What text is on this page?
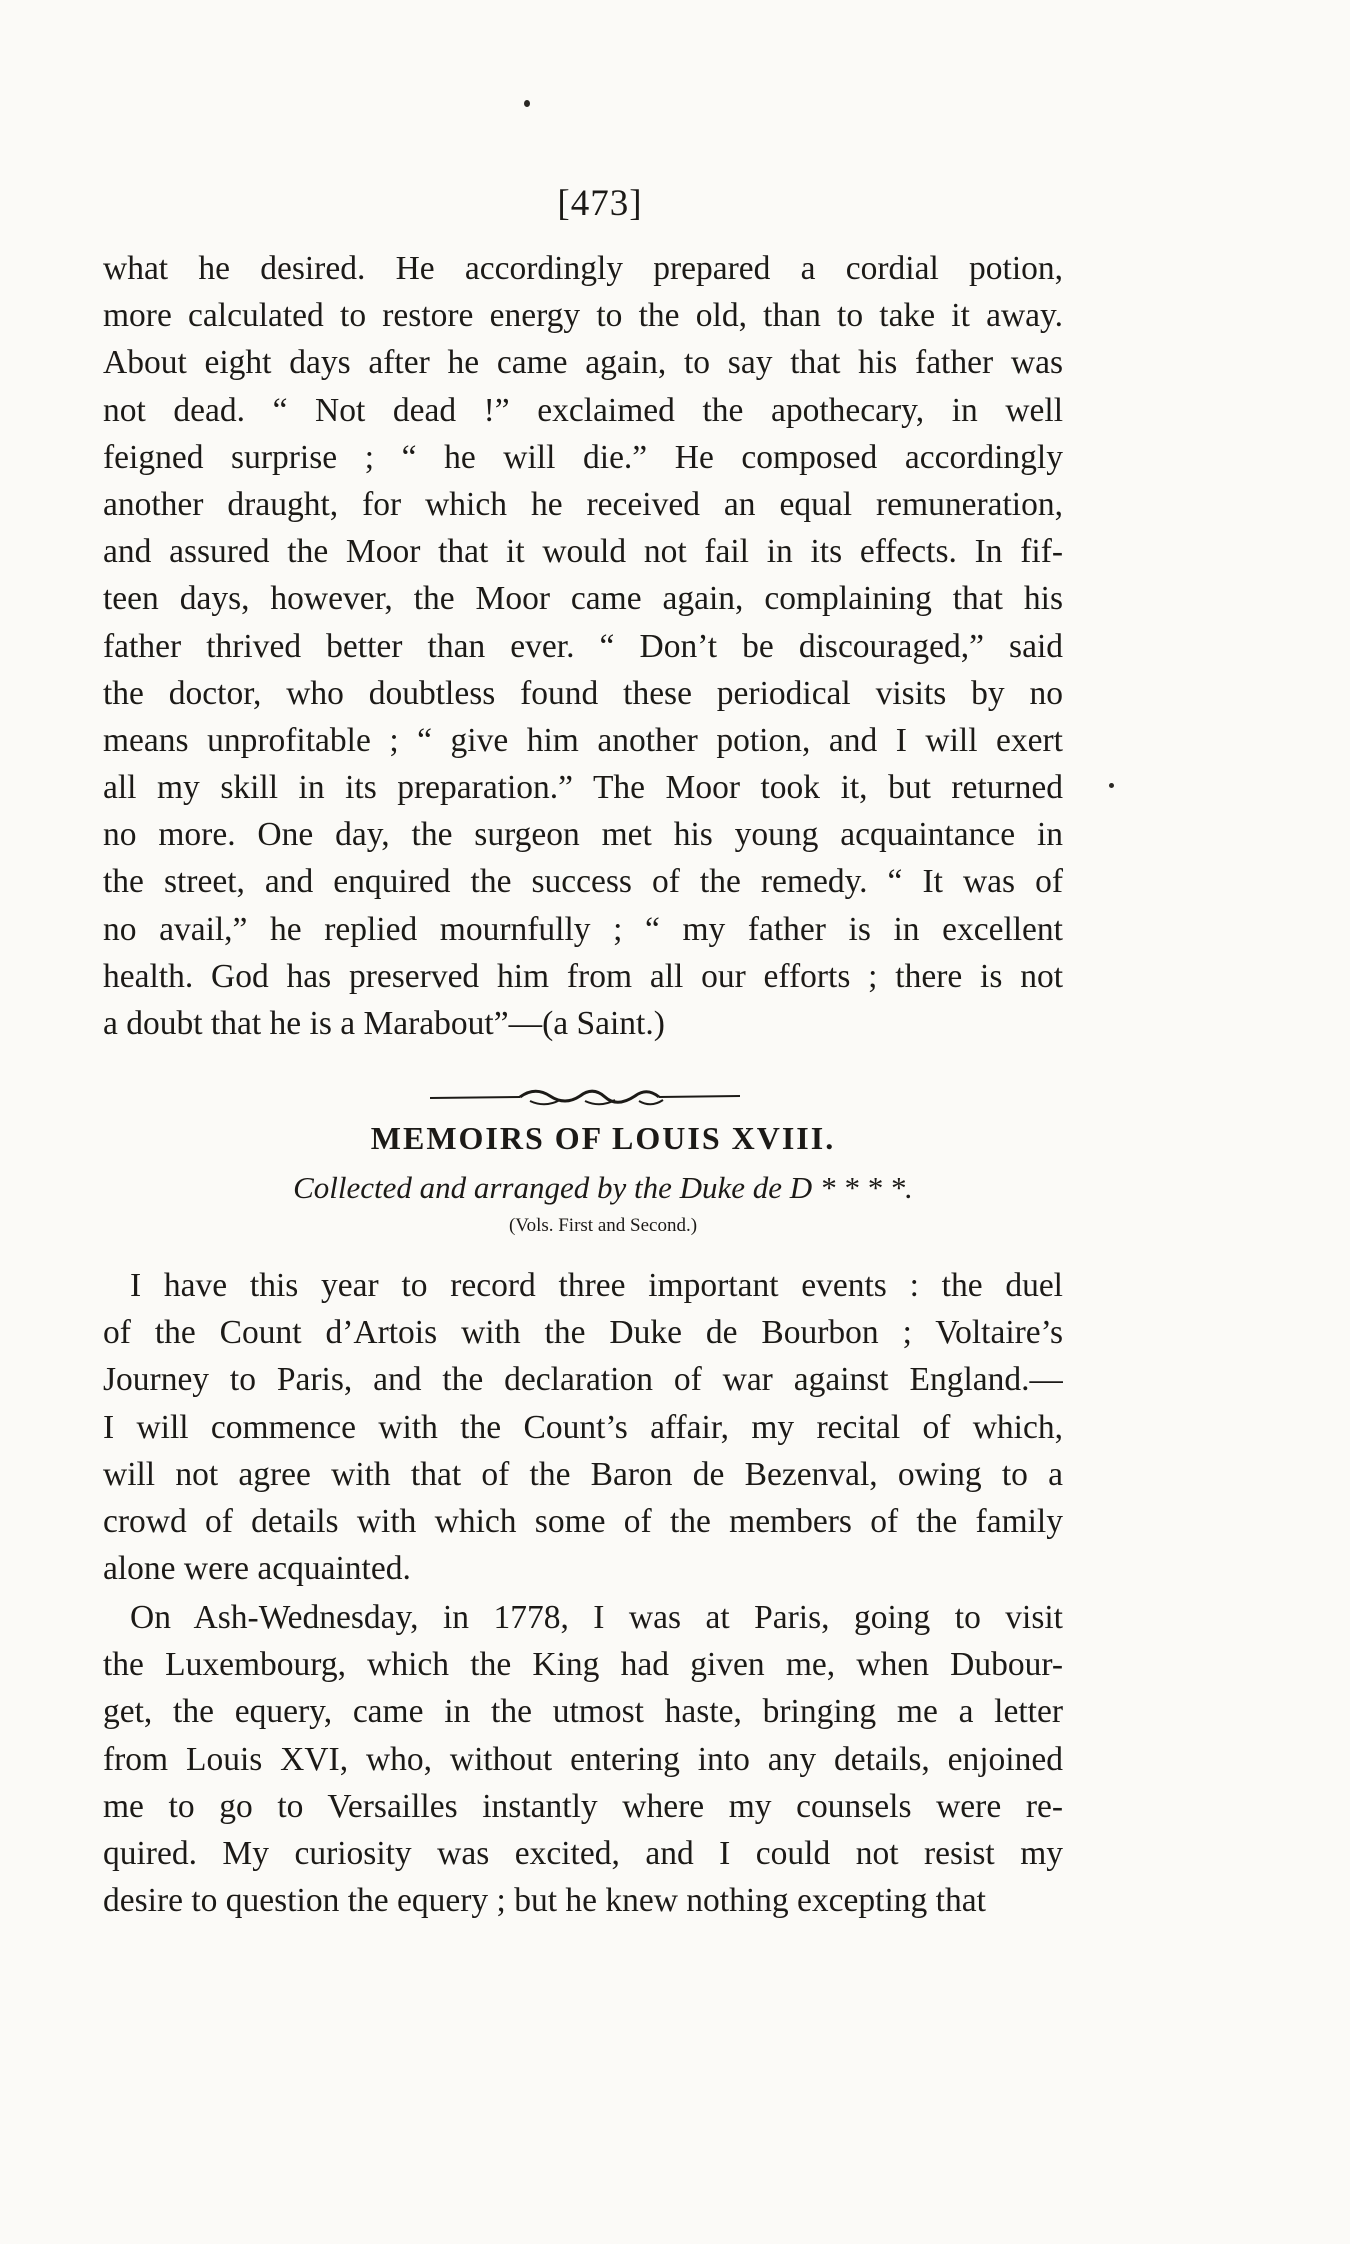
[473]
what he desired. He accordingly prepared a cordial potion,
more calculated to restore energy to the old, than to take it away.
About eight days after he came again, to say that his father was
not dead. “ Not dead !” exclaimed the apothecary, in well
feigned surprise ; “ he will die.” He composed accordingly
another draught, for which he received an equal remuneration,
and assured the Moor that it would not fail in its effects. In fif-
teen days, however, the Moor came again, complaining that his
father thrived better than ever. “ Don’t be discouraged,” said
the doctor, who doubtless found these periodical visits by no
means unprofitable ; “ give him another potion, and I will exert
all my skill in its preparation.” The Moor took it, but returned
no more. One day, the surgeon met his young acquaintance in
the street, and enquired the success of the remedy. “ It was of
no avail,” he replied mournfully ; “ my father is in excellent
health. God has preserved him from all our efforts ; there is not
a doubt that he is a Marabout”—(a Saint.)
MEMOIRS OF LOUIS XVIII.
Collected and arranged by the Duke de D * * * *.
(Vols. First and Second.)
I have this year to record three important events : the duel
of the Count d’Artois with the Duke de Bourbon ; Voltaire’s
Journey to Paris, and the declaration of war against England.—
I will commence with the Count’s affair, my recital of which,
will not agree with that of the Baron de Bezenval, owing to a
crowd of details with which some of the members of the family
alone were acquainted.
On Ash-Wednesday, in 1778, I was at Paris, going to visit
the Luxembourg, which the King had given me, when Dubour-
get, the equery, came in the utmost haste, bringing me a letter
from Louis XVI, who, without entering into any details, enjoined
me to go to Versailles instantly where my counsels were re-
quired. My curiosity was excited, and I could not resist my
desire to question the equery ; but he knew nothing excepting that
